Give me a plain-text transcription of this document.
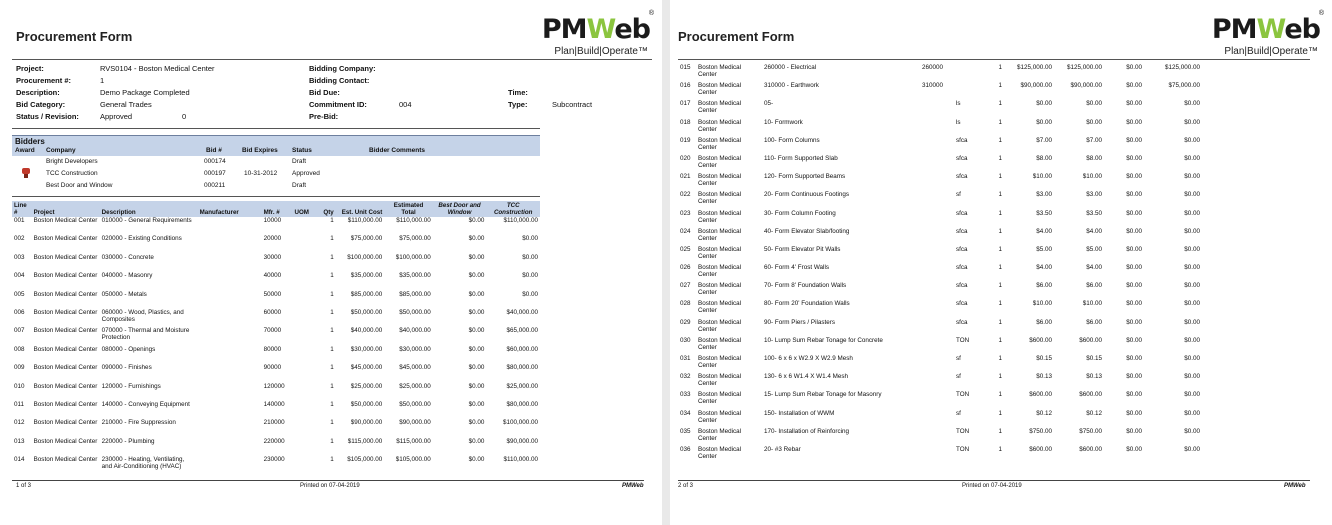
Procurement Form
®
PMWeb
Plan|Build|Operate™
Project:	RVS0104 - Boston Medical Center
Procurement #:	1
Description:	Demo Package Completed
Bid Category:	General Trades
Status / Revision:	Approved	0
Bidding Company:
Bidding Contact:
Bid Due:
Commitment ID:	004
Pre-Bid:
Time:
Type:	Subcontract
Bidders
Award Company	Bid #	Bid Expires Status	Bidder Comments
Bright Developers	000174	Draft
TCC Construction	000197	10-31-2012 Approved
Best Door and Window	000211	Draft
Line #	Project	Description	Manufacturer	Mfr. #	UOM	Qty	Est. Unit Cost	Estimated Total	Best Door and Window	TCC Construction
001	Boston Medical Center	010000 - General Requirements		10000		1	$110,000.00	$110,000.00	$0.00	$110,000.00
002	Boston Medical Center	020000 - Existing Conditions		20000		1	$75,000.00	$75,000.00	$0.00	$0.00
003	Boston Medical Center	030000 - Concrete		30000		1	$100,000.00	$100,000.00	$0.00	$0.00
004	Boston Medical Center	040000 - Masonry		40000		1	$35,000.00	$35,000.00	$0.00	$0.00
005	Boston Medical Center	050000 - Metals		50000		1	$85,000.00	$85,000.00	$0.00	$0.00
006	Boston Medical Center	060000 - Wood, Plastics, and Composites		60000		1	$50,000.00	$50,000.00	$0.00	$40,000.00
007	Boston Medical Center	070000 - Thermal and Moisture Protection		70000		1	$40,000.00	$40,000.00	$0.00	$65,000.00
008	Boston Medical Center	080000 - Openings		80000		1	$30,000.00	$30,000.00	$0.00	$60,000.00
009	Boston Medical Center	090000 - Finishes		90000		1	$45,000.00	$45,000.00	$0.00	$80,000.00
010	Boston Medical Center	120000 - Furnishings		120000		1	$25,000.00	$25,000.00	$0.00	$25,000.00
011	Boston Medical Center	140000 - Conveying Equipment		140000		1	$50,000.00	$50,000.00	$0.00	$80,000.00
012	Boston Medical Center	210000 - Fire Suppression		210000		1	$90,000.00	$90,000.00	$0.00	$100,000.00
013	Boston Medical Center	220000 - Plumbing		220000		1	$115,000.00	$115,000.00	$0.00	$90,000.00
014	Boston Medical Center	230000 - Heating, Ventilating, and Air-Conditioning (HVAC)		230000		1	$105,000.00	$105,000.00	$0.00	$110,000.00
1 of 3	Printed on 07-04-2019	PMWeb
Procurement Form
®
PMWeb
Plan|Build|Operate™
015	Boston Medical Center	260000 - Electrical	260000		1	$125,000.00	$125,000.00	$0.00	$125,000.00
016	Boston Medical Center	310000 - Earthwork	310000		1	$90,000.00	$90,000.00	$0.00	$75,000.00
017	Boston Medical Center	05-		ls	1	$0.00	$0.00	$0.00	$0.00
018	Boston Medical Center	10- Formwork		ls	1	$0.00	$0.00	$0.00	$0.00
019	Boston Medical Center	100- Form Columns		sfca	1	$7.00	$7.00	$0.00	$0.00
020	Boston Medical Center	110- Form Supported Slab		sfca	1	$8.00	$8.00	$0.00	$0.00
021	Boston Medical Center	120- Form Supported Beams		sfca	1	$10.00	$10.00	$0.00	$0.00
022	Boston Medical Center	20- Form Continuous Footings		sf	1	$3.00	$3.00	$0.00	$0.00
023	Boston Medical Center	30- Form Column Footing		sfca	1	$3.50	$3.50	$0.00	$0.00
024	Boston Medical Center	40- Form Elevator Slab/footing		sfca	1	$4.00	$4.00	$0.00	$0.00
025	Boston Medical Center	50- Form Elevator Pit Walls		sfca	1	$5.00	$5.00	$0.00	$0.00
026	Boston Medical Center	60- Form 4' Frost Walls		sfca	1	$4.00	$4.00	$0.00	$0.00
027	Boston Medical Center	70- Form 8' Foundation Walls		sfca	1	$6.00	$6.00	$0.00	$0.00
028	Boston Medical Center	80- Form 20' Foundation Walls		sfca	1	$10.00	$10.00	$0.00	$0.00
029	Boston Medical Center	90- Form Piers / Pilasters		sfca	1	$6.00	$6.00	$0.00	$0.00
030	Boston Medical Center	10- Lump Sum Rebar Tonage for Concrete		TON	1	$600.00	$600.00	$0.00	$0.00
031	Boston Medical Center	100- 6 x 6 x W2.9 X W2.9 Mesh		sf	1	$0.15	$0.15	$0.00	$0.00
032	Boston Medical Center	130- 6 x 6 W1.4 X W1.4 Mesh		sf	1	$0.13	$0.13	$0.00	$0.00
033	Boston Medical Center	15- Lump Sum Rebar Tonage for Masonry		TON	1	$600.00	$600.00	$0.00	$0.00
034	Boston Medical Center	150- Installation of WWM		sf	1	$0.12	$0.12	$0.00	$0.00
035	Boston Medical Center	170- Installation of Reinforcing		TON	1	$750.00	$750.00	$0.00	$0.00
036	Boston Medical Center	20- #3 Rebar		TON	1	$600.00	$600.00	$0.00	$0.00
2 of 3	Printed on 07-04-2019	PMWeb
